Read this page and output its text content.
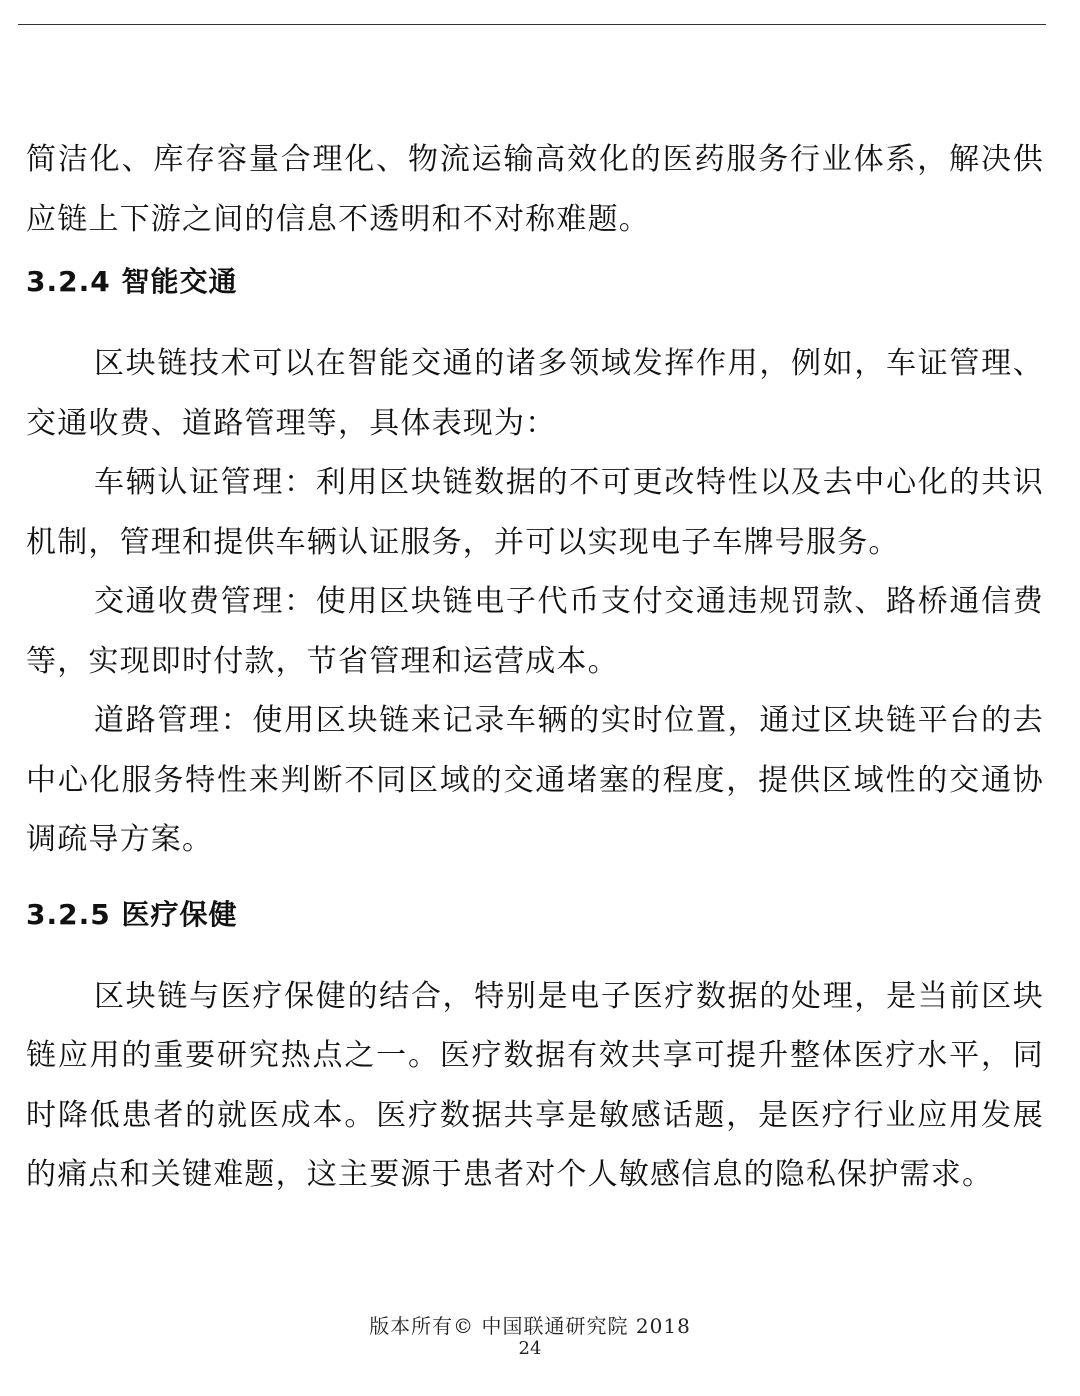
简洁化、库存容量合理化、物流运输高效化的医药服务行业体系，解决供应链上下游之间的信息不透明和不对称难题。

3.2.4 智能交通

区块链技术可以在智能交通的诸多领域发挥作用，例如，车证管理、交通收费、道路管理等，具体表现为：

车辆认证管理：利用区块链数据的不可更改特性以及去中心化的共识机制，管理和提供车辆认证服务，并可以实现电子车牌号服务。

交通收费管理：使用区块链电子代币支付交通违规罚款、路桥通信费等，实现即时付款，节省管理和运营成本。

道路管理：使用区块链来记录车辆的实时位置，通过区块链平台的去中心化服务特性来判断不同区域的交通堵塞的程度，提供区域性的交通协调疏导方案。

3.2.5 医疗保健

区块链与医疗保健的结合，特别是电子医疗数据的处理，是当前区块链应用的重要研究热点之一。医疗数据有效共享可提升整体医疗水平，同时降低患者的就医成本。医疗数据共享是敏感话题，是医疗行业应用发展的痛点和关键难题，这主要源于患者对个人敏感信息的隐私保护需求。

版本所有© 中国联通研究院 2018
24
